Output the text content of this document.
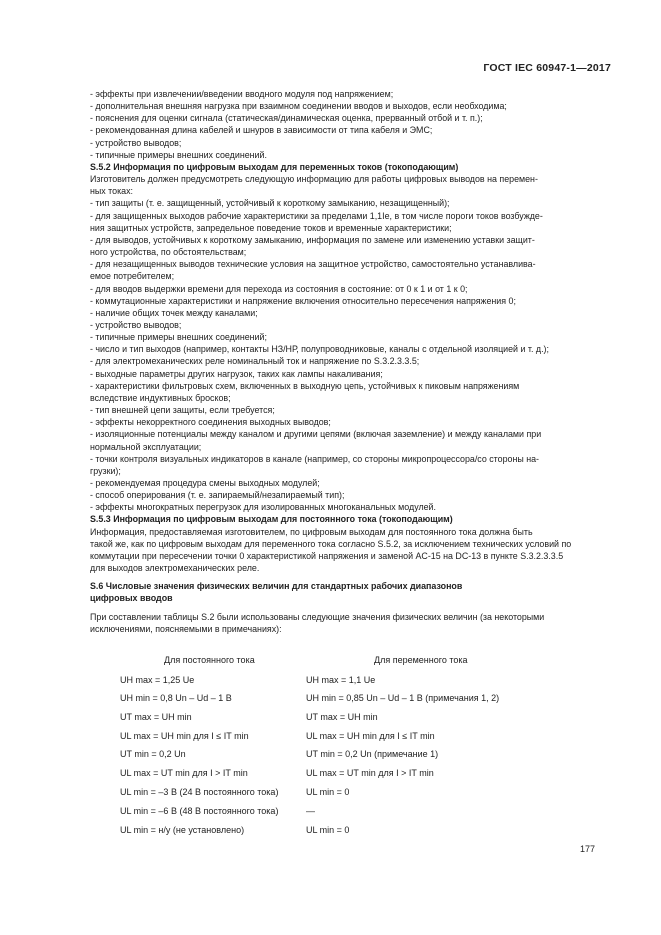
ГОСТ IEC 60947-1—2017

- эффекты при извлечении/введении вводного модуля под напряжением;

- дополнительная внешняя нагрузка при взаимном соединении вводов и выходов, если необходима;

- пояснения для оценки сигнала (статическая/динамическая оценка, прерванный отбой и т. п.);

- рекомендованная длина кабелей и шнуров в зависимости от типа кабеля и ЭМС;

- устройство выводов;

- типичные примеры внешних соединений.

S.5.2 Информация по цифровым выходам для переменных токов (токоподающим)

Изготовитель должен предусмотреть следующую информацию для работы цифровых выводов на перемен-

ных токах:

- тип защиты (т. е. защищенный, устойчивый к короткому замыканию, незащищенный);

- для защищенных выходов рабочие характеристики за пределами 1,1Ie, в том числе пороги токов возбужде-

ния защитных устройств, запредельное поведение токов и временные характеристики;

- для выводов, устойчивых к короткому замыканию, информация по замене или изменению уставки защит-

ного устройства, по обстоятельствам;

- для незащищенных выводов технические условия на защитное устройство, самостоятельно устанавлива-

емое потребителем;

- для вводов выдержки времени для перехода из состояния в состояние: от 0 к 1 и от 1 к 0;

- коммутационные характеристики и напряжение включения относительно пересечения напряжения 0;

- наличие общих точек между каналами;

- устройство выводов;

- типичные примеры внешних соединений;

- число и тип выходов (например, контакты НЗ/НР, полупроводниковые, каналы с отдельной изоляцией и т. д.);

- для электромеханических реле номинальный ток и напряжение по S.3.2.3.3.5;

- выходные параметры других нагрузок, таких как лампы накаливания;

- характеристики фильтровых схем, включенных в выходную цепь, устойчивых к пиковым напряжениям

вследствие индуктивных бросков;

- тип внешней цепи защиты, если требуется;

- эффекты некорректного соединения выходных выводов;

- изоляционные потенциалы между каналом и другими цепями (включая заземление) и между каналами при

нормальной эксплуатации;

- точки контроля визуальных индикаторов в канале (например, со стороны микропроцессора/со стороны на-

грузки);

- рекомендуемая процедура смены выходных модулей;

- способ оперирования (т. е. запираемый/незапираемый тип);

- эффекты многократных перегрузок для изолированных многоканальных модулей.

S.5.3 Информация по цифровым выходам для постоянного тока (токоподающим)

Информация, предоставляемая изготовителем, по цифровым выходам для постоянного тока должна быть

такой же, как по цифровым выходам для переменного тока согласно S.5.2, за исключением технических условий по

коммутации при пересечении точки 0 характеристикой напряжения и заменой AC-15 на DC-13 в пункте S.3.2.3.3.5

для выходов электромеханических реле.

S.6 Числовые значения физических величин для стандартных рабочих диапазонов

цифровых вводов

При составлении таблицы S.2 были использованы следующие значения физических величин (за некоторыми

исключениями, поясняемыми в примечаниях):

Для постоянного тока	Для переменного тока
UH max = 1,25 Ue	UH max = 1,1 Ue
UH min = 0,8 Un – Ud – 1 В	UH min = 0,85 Un – Ud – 1 В (примечания 1, 2)
UT max = UH min	UT max = UH min
UL max = UH min для I ≤ IT min	UL max = UH min для I ≤ IT min
UT min = 0,2 Un	UT min = 0,2 Un (примечание 1)
UL max = UT min для I > IT min	UL max = UT min для I > IT min
UL min = –3 В (24 В постоянного тока)	UL min = 0
UL min = –6 В (48 В постоянного тока)	—
UL min = н/у (не установлено)	UL min = 0
177
